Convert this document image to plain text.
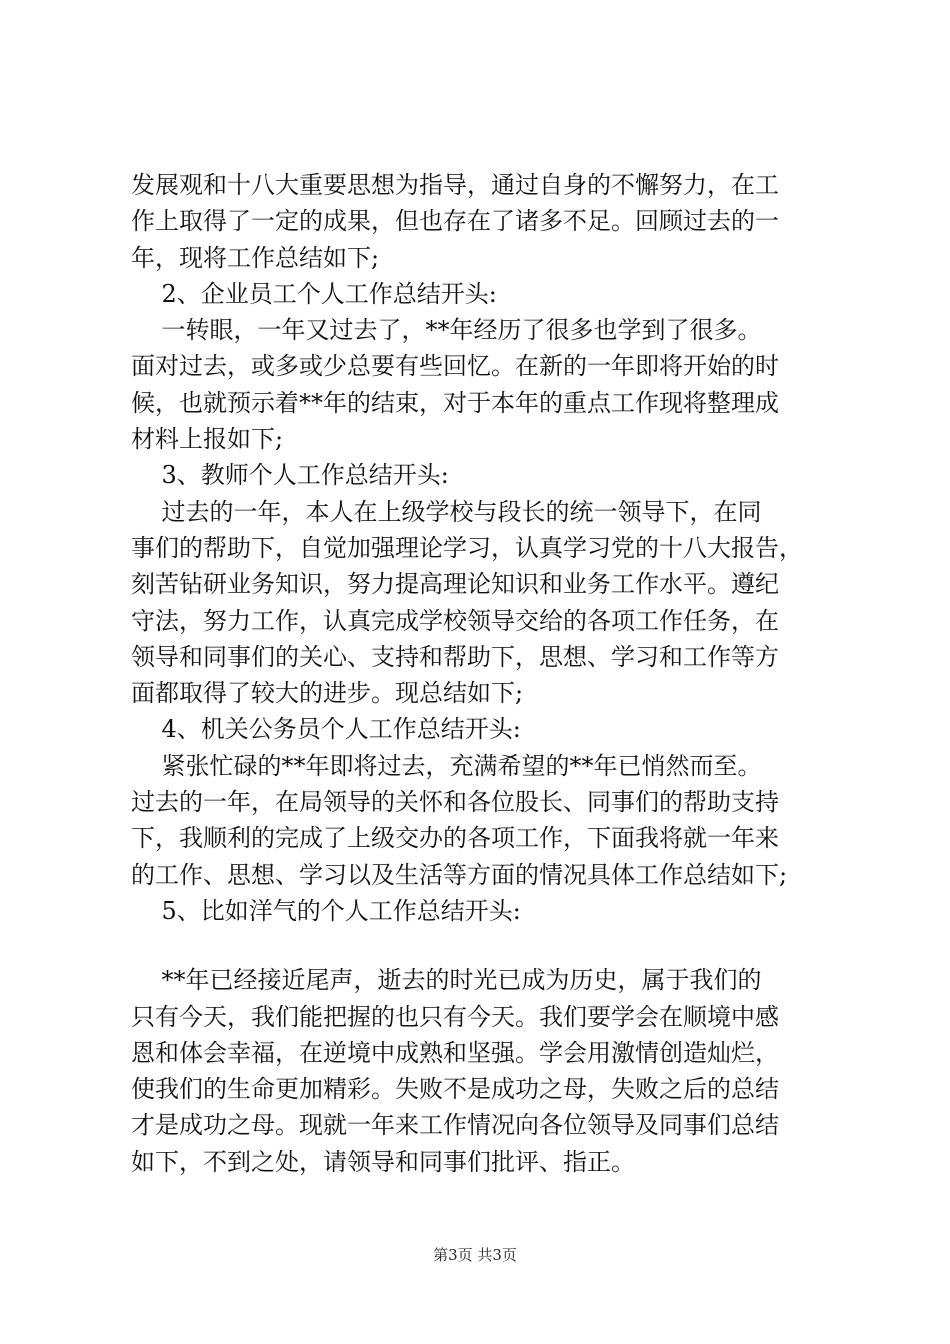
发展观和十八大重要思想为指导，通过自身的不懈努力，在工
作上取得了一定的成果，但也存在了诸多不足。回顾过去的一
年，现将工作总结如下;
2、企业员工个人工作总结开头:
一转眼，一年又过去了，**年经历了很多也学到了很多。
面对过去，或多或少总要有些回忆。在新的一年即将开始的时
候，也就预示着**年的结束，对于本年的重点工作现将整理成
材料上报如下;
3、教师个人工作总结开头:
过去的一年，本人在上级学校与段长的统一领导下，在同
事们的帮助下，自觉加强理论学习，认真学习党的十八大报告，
刻苦钻研业务知识，努力提高理论知识和业务工作水平。遵纪
守法，努力工作，认真完成学校领导交给的各项工作任务，在
领导和同事们的关心、支持和帮助下，思想、学习和工作等方
面都取得了较大的进步。现总结如下;
4、机关公务员个人工作总结开头:
紧张忙碌的**年即将过去，充满希望的**年已悄然而至。
过去的一年，在局领导的关怀和各位股长、同事们的帮助支持
下，我顺利的完成了上级交办的各项工作，下面我将就一年来
的工作、思想、学习以及生活等方面的情况具体工作总结如下;
5、比如洋气的个人工作总结开头:
**年已经接近尾声，逝去的时光已成为历史，属于我们的
只有今天，我们能把握的也只有今天。我们要学会在顺境中感
恩和体会幸福，在逆境中成熟和坚强。学会用激情创造灿烂，
使我们的生命更加精彩。失败不是成功之母，失败之后的总结
才是成功之母。现就一年来工作情况向各位领导及同事们总结
如下，不到之处，请领导和同事们批评、指正。
第3页 共3页
